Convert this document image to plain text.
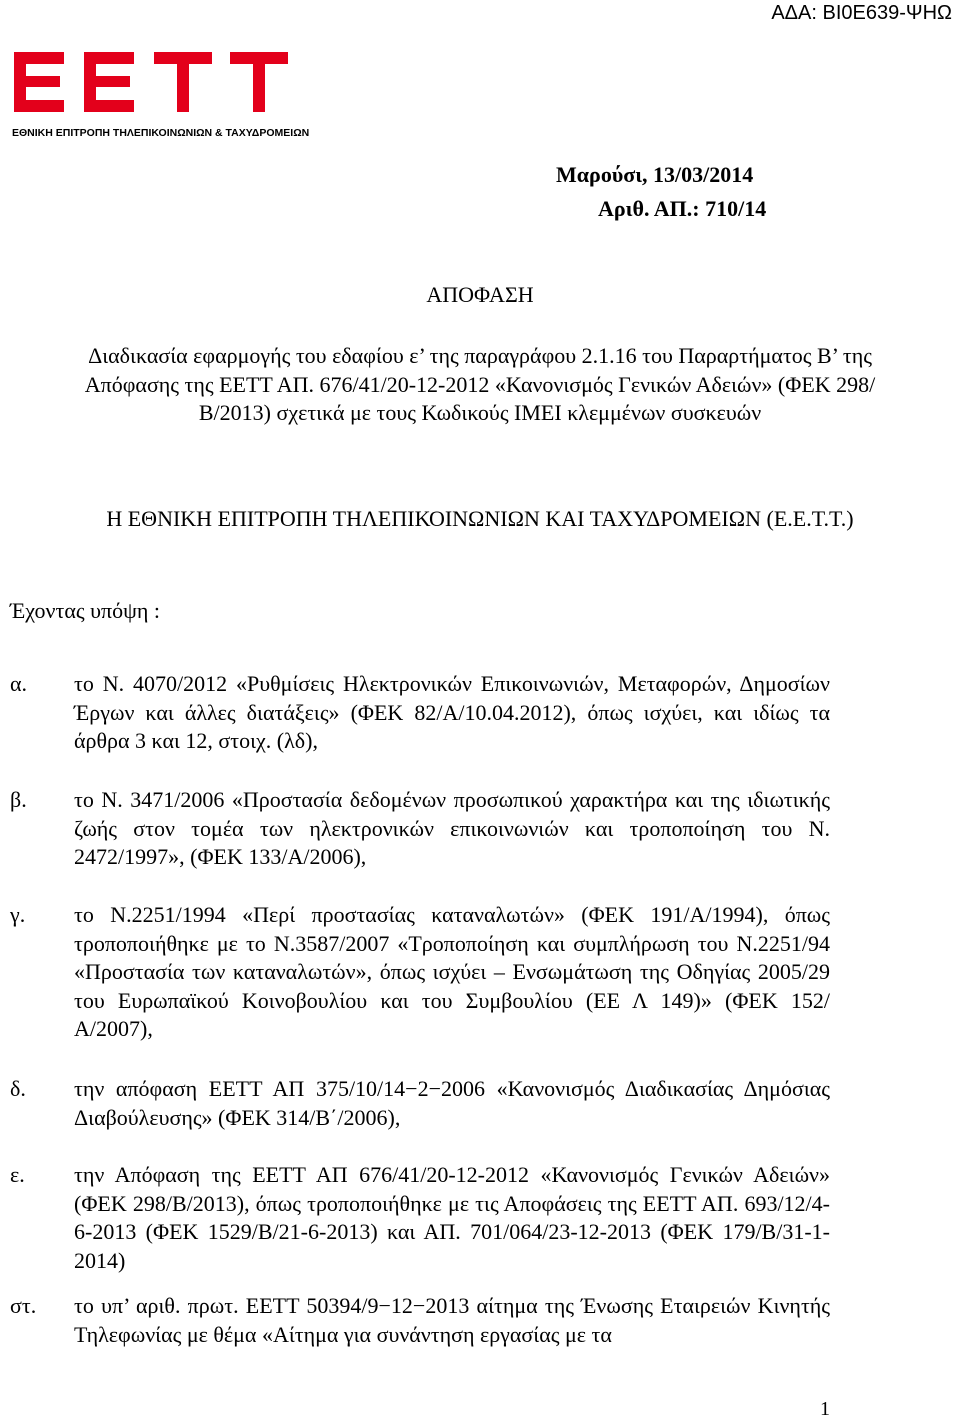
ΑΔΑ: ΒΙ0Ε639-ΨΗΩ
ΕΘΝΙΚΗ ΕΠΙΤΡΟΠΗ ΤΗΛΕΠΙΚΟΙΝΩΝΙΩΝ & ΤΑΧΥΔΡΟΜΕΙΩΝ
Μαρούσι, 13/03/2014
Αριθ. ΑΠ.: 710/14
ΑΠΟΦΑΣΗ
Διαδικασία εφαρμογής του εδαφίου ε’ της παραγράφου 2.1.16 του Παραρτήματος Β’ της Απόφασης της ΕΕΤΤ ΑΠ. 676/41/20-12-2012 «Κανονισμός Γενικών Αδειών» (ΦΕΚ 298/Β/2013) σχετικά με τους Κωδικούς ΙΜΕΙ κλεμμένων συσκευών
Η ΕΘΝΙΚΗ ΕΠΙΤΡΟΠΗ ΤΗΛΕΠΙΚΟΙΝΩΝΙΩΝ ΚΑΙ ΤΑΧΥΔΡΟΜΕΙΩΝ (Ε.Ε.Τ.Τ.)
Έχοντας υπόψη :
α. το Ν. 4070/2012 «Ρυθμίσεις Ηλεκτρονικών Επικοινωνιών, Μεταφορών, Δημοσίων Έργων και άλλες διατάξεις» (ΦΕΚ 82/Α/10.04.2012), όπως ισχύει, και ιδίως τα άρθρα 3 και 12, στοιχ. (λδ),
β. το Ν. 3471/2006 «Προστασία δεδομένων προσωπικού χαρακτήρα και της ιδιωτικής ζωής στον τομέα των ηλεκτρονικών επικοινωνιών και τροποποίηση του Ν. 2472/1997», (ΦΕΚ 133/Α/2006),
γ. το Ν.2251/1994 «Περί προστασίας καταναλωτών» (ΦΕΚ 191/Α/1994), όπως τροποποιήθηκε με το Ν.3587/2007 «Τροποποίηση και συμπλήρωση του Ν.2251/94 «Προστασία των καταναλωτών», όπως ισχύει – Ενσωμάτωση της Οδηγίας 2005/29 του Ευρωπαϊκού Κοινοβουλίου και του Συμβουλίου (ΕΕ Λ 149)» (ΦΕΚ 152/Α/2007),
δ. την απόφαση ΕΕΤΤ ΑΠ 375/10/14−2−2006 «Κανονισμός Διαδικασίας Δημόσιας Διαβούλευσης» (ΦΕΚ 314/Β΄/2006),
ε. την Απόφαση της ΕΕΤΤ ΑΠ 676/41/20-12-2012 «Κανονισμός Γενικών Αδειών» (ΦΕΚ 298/Β/2013), όπως τροποποιήθηκε με τις Αποφάσεις της ΕΕΤΤ ΑΠ. 693/12/4-6-2013 (ΦΕΚ 1529/Β/21-6-2013) και ΑΠ. 701/064/23-12-2013 (ΦΕΚ 179/Β/31-1-2014)
στ. το υπ’ αριθ. πρωτ. ΕΕΤΤ 50394/9−12−2013 αίτημα της Ένωσης Εταιρειών Κινητής Τηλεφωνίας με θέμα «Αίτημα για συνάντηση εργασίας με τα
1
